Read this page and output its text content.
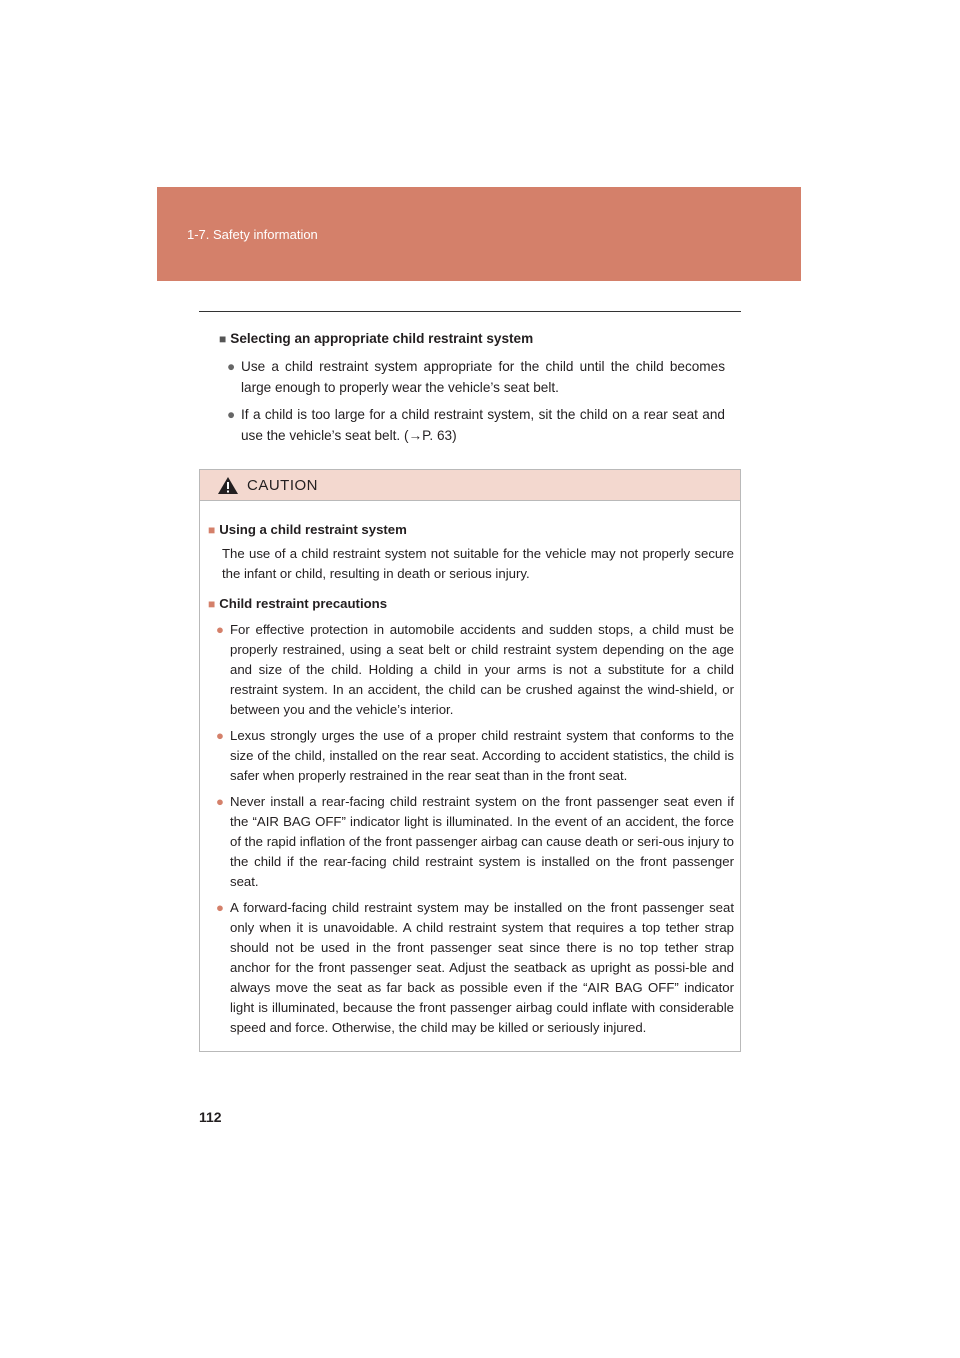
1-7. Safety information
■ Selecting an appropriate child restraint system
● Use a child restraint system appropriate for the child until the child becomes large enough to properly wear the vehicle’s seat belt.
● If a child is too large for a child restraint system, sit the child on a rear seat and use the vehicle’s seat belt. (→P. 63)
CAUTION
■ Using a child restraint system
The use of a child restraint system not suitable for the vehicle may not properly secure the infant or child, resulting in death or serious injury.
■ Child restraint precautions
● For effective protection in automobile accidents and sudden stops, a child must be properly restrained, using a seat belt or child restraint system depending on the age and size of the child. Holding a child in your arms is not a substitute for a child restraint system. In an accident, the child can be crushed against the wind-shield, or between you and the vehicle’s interior.
● Lexus strongly urges the use of a proper child restraint system that conforms to the size of the child, installed on the rear seat. According to accident statistics, the child is safer when properly restrained in the rear seat than in the front seat.
● Never install a rear-facing child restraint system on the front passenger seat even if the “AIR BAG OFF” indicator light is illuminated. In the event of an accident, the force of the rapid inflation of the front passenger airbag can cause death or seri-ous injury to the child if the rear-facing child restraint system is installed on the front passenger seat.
● A forward-facing child restraint system may be installed on the front passenger seat only when it is unavoidable. A child restraint system that requires a top tether strap should not be used in the front passenger seat since there is no top tether strap anchor for the front passenger seat. Adjust the seatback as upright as possi-ble and always move the seat as far back as possible even if the “AIR BAG OFF” indicator light is illuminated, because the front passenger airbag could inflate with considerable speed and force. Otherwise, the child may be killed or seriously injured.
112
